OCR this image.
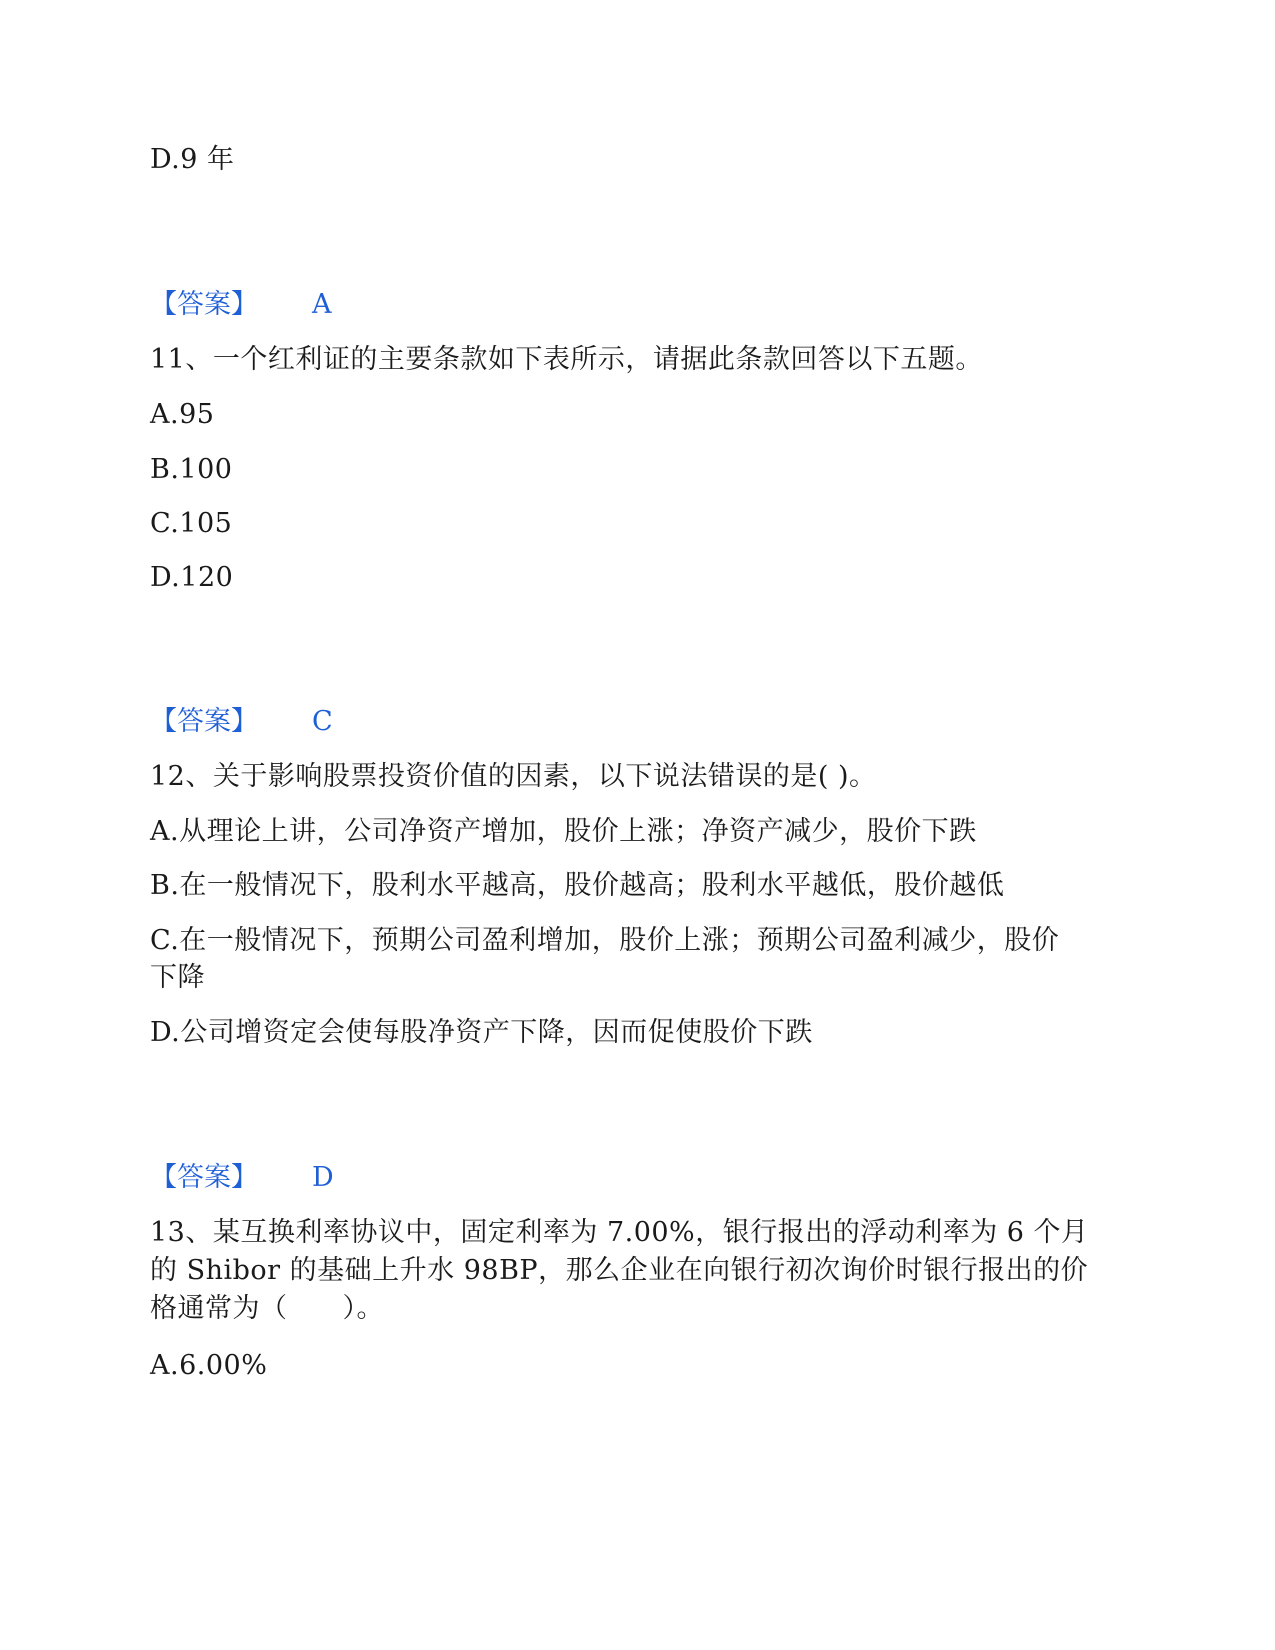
D.9 年
【答案】 A
11、一个红利证的主要条款如下表所示，请据此条款回答以下五题。
A.95
B.100
C.105
D.120
【答案】 C
12、关于影响股票投资价值的因素，以下说法错误的是( )。
A.从理论上讲，公司净资产增加，股价上涨；净资产减少，股价下跌
B.在一般情况下，股利水平越高，股价越高；股利水平越低，股价越低
C.在一般情况下，预期公司盈利增加，股价上涨；预期公司盈利减少，股价
下降
D.公司增资定会使每股净资产下降，因而促使股价下跌
【答案】 D
13、某互换利率协议中，固定利率为 7.00%，银行报出的浮动利率为 6 个月
的 Shibor 的基础上升水 98BP，那么企业在向银行初次询价时银行报出的价
格通常为（　　）。
A.6.00%
